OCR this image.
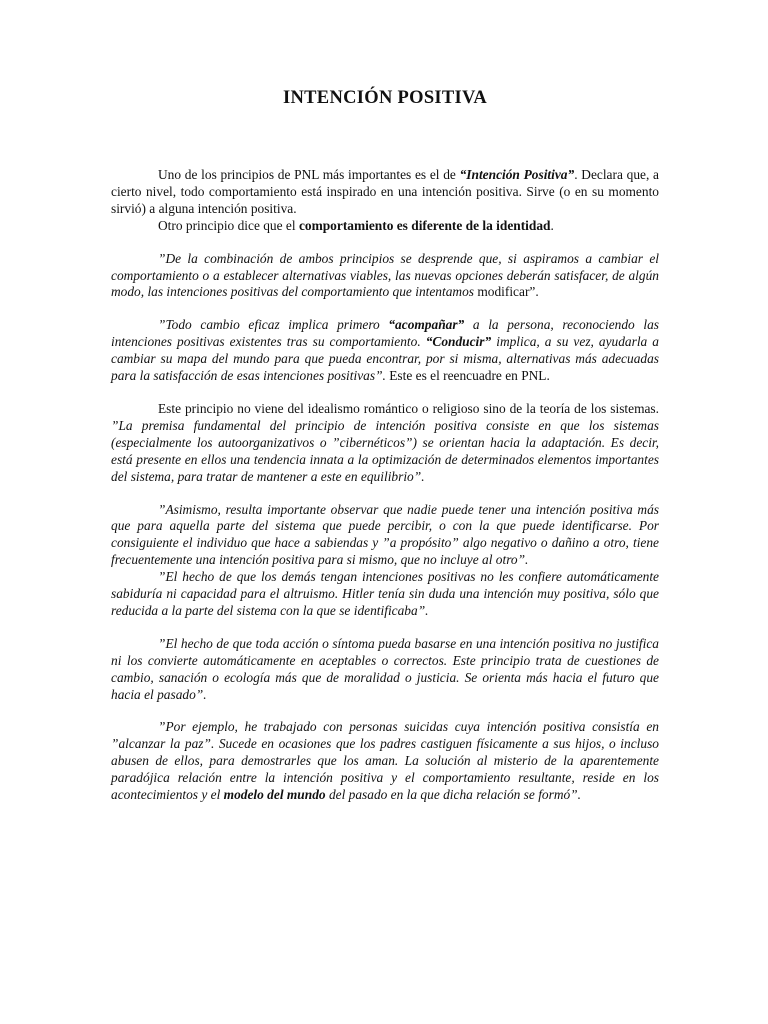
INTENCIÓN POSITIVA

Uno de los principios de PNL más importantes es el de “Intención Positiva”. Declara que, a cierto nivel, todo comportamiento está inspirado en una intención positiva. Sirve (o en su momento sirvió) a alguna intención positiva.

Otro principio dice que el comportamiento es diferente de la identidad.

”De la combinación de ambos principios se desprende que, si aspiramos a cambiar el comportamiento o a establecer alternativas viables, las nuevas opciones deberán satisfacer, de algún modo, las intenciones positivas del comportamiento que intentamos modificar”.

”Todo cambio eficaz implica primero “acompañar” a la persona, reconociendo las intenciones positivas existentes tras su comportamiento. “Conducir” implica, a su vez, ayudarla a cambiar su mapa del mundo para que pueda encontrar, por si misma, alternativas más adecuadas para la satisfacción de esas intenciones positivas”. Este es el reencuadre en PNL.

Este principio no viene del idealismo romántico o religioso sino de la teoría de los sistemas. ”La premisa fundamental del principio de intención positiva consiste en que los sistemas (especialmente los autoorganizativos o ”cibernéticos”) se orientan hacia la adaptación. Es decir, está presente en ellos una tendencia innata a la optimización de determinados elementos importantes del sistema, para tratar de mantener a este en equilibrio”.

”Asimismo, resulta importante observar que nadie puede tener una intención positiva más que para aquella parte del sistema que puede percibir, o con la que puede identificarse. Por consiguiente el individuo que hace a sabiendas y ”a propósito” algo negativo o dañino a otro, tiene frecuentemente una intención positiva para si mismo, que no incluye al otro”.

”El hecho de que los demás tengan intenciones positivas no les confiere automáticamente sabiduría ni capacidad para el altruismo. Hitler tenía sin duda una intención muy positiva, sólo que reducida a la parte del sistema con la que se identificaba”.

”El hecho de que toda acción o síntoma pueda basarse en una intención positiva no justifica ni los convierte automáticamente en aceptables o correctos. Este principio trata de cuestiones de cambio, sanación o ecología más que de moralidad o justicia. Se orienta más hacia el futuro que hacia el pasado”.

”Por ejemplo, he trabajado con personas suicidas cuya intención positiva consistía en ”alcanzar la paz”. Sucede en ocasiones que los padres castiguen físicamente a sus hijos, o incluso abusen de ellos, para demostrarles que los aman. La solución al misterio de la aparentemente paradójica relación entre la intención positiva y el comportamiento resultante, reside en los acontecimientos y el modelo del mundo del pasado en la que dicha relación se formó”.
